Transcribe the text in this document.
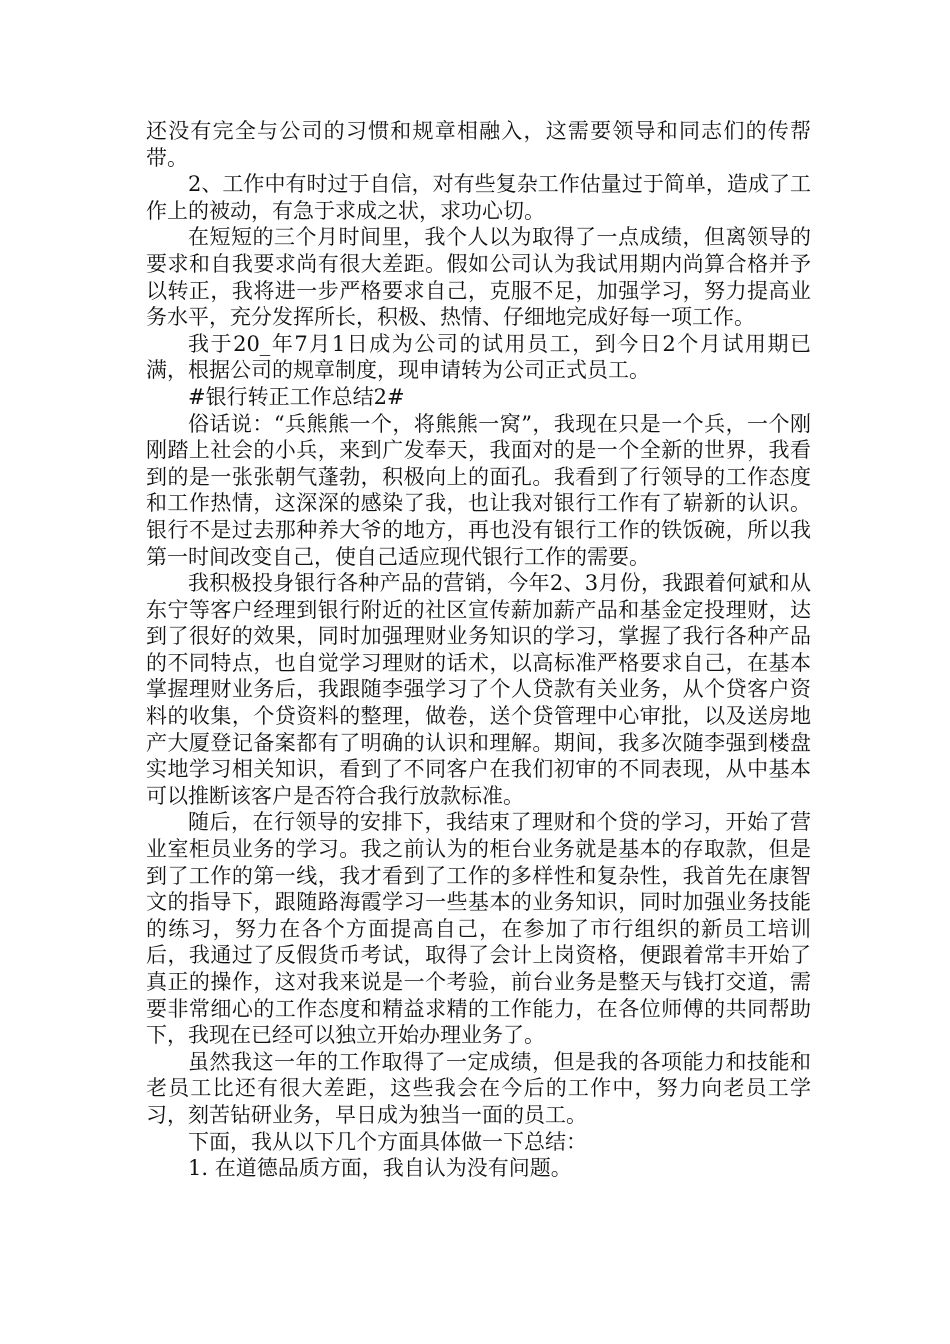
还没有完全与公司的习惯和规章相融入，这需要领导和同志们的传帮带。

2、工作中有时过于自信，对有些复杂工作估量过于简单，造成了工作上的被动，有急于求成之状，求功心切。

在短短的三个月时间里，我个人以为取得了一点成绩，但离领导的要求和自我要求尚有很大差距。假如公司认为我试用期内尚算合格并予以转正，我将进一步严格要求自己，克服不足，加强学习，努力提高业务水平，充分发挥所长，积极、热情、仔细地完成好每一项工作。

我于20_年7月1日成为公司的试用员工，到今日2个月试用期已满，根据公司的规章制度，现申请转为公司正式员工。

#银行转正工作总结2#

俗话说：“兵熊熊一个，将熊熊一窝”，我现在只是一个兵，一个刚刚踏上社会的小兵，来到广发奉天，我面对的是一个全新的世界，我看到的是一张张朝气蓬勃，积极向上的面孔。我看到了行领导的工作态度和工作热情，这深深的感染了我，也让我对银行工作有了崭新的认识。银行不是过去那种养大爷的地方，再也没有银行工作的铁饭碗，所以我第一时间改变自己，使自己适应现代银行工作的需要。

我积极投身银行各种产品的营销，今年2、3月份，我跟着何斌和从东宁等客户经理到银行附近的社区宣传薪加薪产品和基金定投理财，达到了很好的效果，同时加强理财业务知识的学习，掌握了我行各种产品的不同特点，也自觉学习理财的话术，以高标准严格要求自己，在基本掌握理财业务后，我跟随李强学习了个人贷款有关业务，从个贷客户资料的收集，个贷资料的整理，做卷，送个贷管理中心审批，以及送房地产大厦登记备案都有了明确的认识和理解。期间，我多次随李强到楼盘实地学习相关知识，看到了不同客户在我们初审的不同表现，从中基本可以推断该客户是否符合我行放款标准。

随后，在行领导的安排下，我结束了理财和个贷的学习，开始了营业室柜员业务的学习。我之前认为的柜台业务就是基本的存取款，但是到了工作的第一线，我才看到了工作的多样性和复杂性，我首先在康智文的指导下，跟随路海霞学习一些基本的业务知识，同时加强业务技能的练习，努力在各个方面提高自己，在参加了市行组织的新员工培训后，我通过了反假货币考试，取得了会计上岗资格，便跟着常丰开始了真正的操作，这对我来说是一个考验，前台业务是整天与钱打交道，需要非常细心的工作态度和精益求精的工作能力，在各位师傅的共同帮助下，我现在已经可以独立开始办理业务了。

虽然我这一年的工作取得了一定成绩，但是我的各项能力和技能和老员工比还有很大差距，这些我会在今后的工作中，努力向老员工学习，刻苦钻研业务，早日成为独当一面的员工。

下面，我从以下几个方面具体做一下总结：

1. 在道德品质方面，我自认为没有问题。
